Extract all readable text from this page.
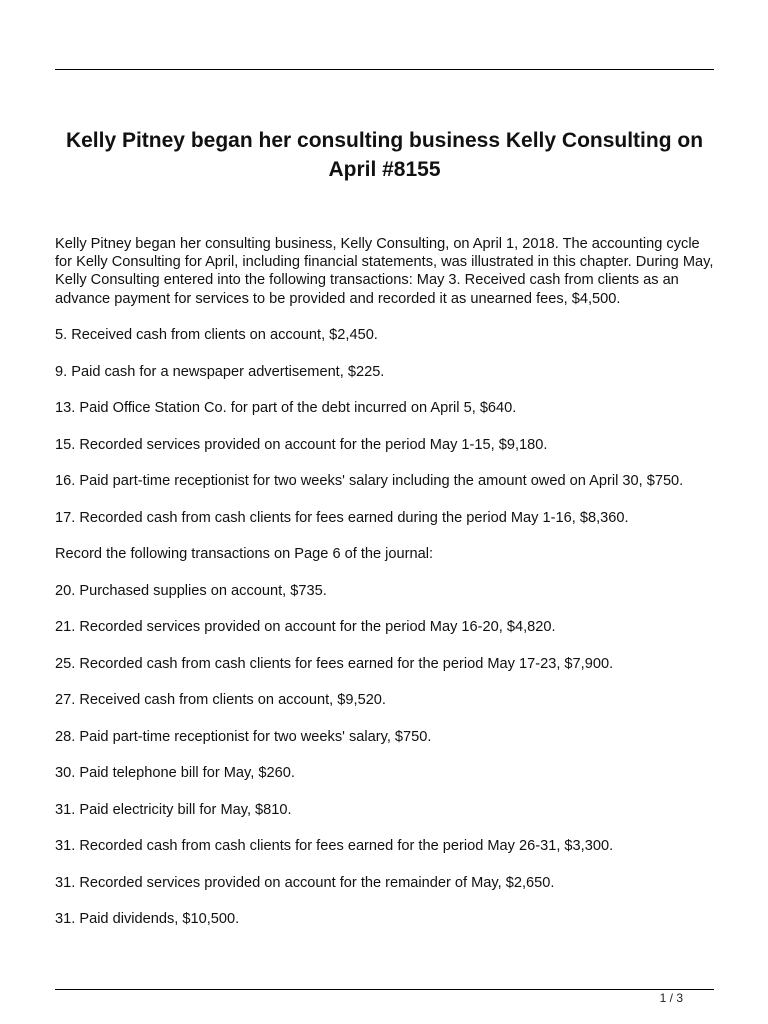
Kelly Pitney began her consulting business Kelly Consulting on April #8155

Kelly Pitney began her consulting business, Kelly Consulting, on April 1, 2018. The accounting cycle for Kelly Consulting for April, including financial statements, was illustrated in this chapter. During May, Kelly Consulting entered into the following transactions: May 3. Received cash from clients as an advance payment for services to be provided and recorded it as unearned fees, $4,500.

5. Received cash from clients on account, $2,450.

9. Paid cash for a newspaper advertisement, $225.

13. Paid Office Station Co. for part of the debt incurred on April 5, $640.

15. Recorded services provided on account for the period May 1-15, $9,180.

16. Paid part-time receptionist for two weeks' salary including the amount owed on April 30, $750.

17. Recorded cash from cash clients for fees earned during the period May 1-16, $8,360.

Record the following transactions on Page 6 of the journal:

20. Purchased supplies on account, $735.

21. Recorded services provided on account for the period May 16-20, $4,820.

25. Recorded cash from cash clients for fees earned for the period May 17-23, $7,900.

27. Received cash from clients on account, $9,520.

28. Paid part-time receptionist for two weeks' salary, $750.

30. Paid telephone bill for May, $260.

31. Paid electricity bill for May, $810.

31. Recorded cash from cash clients for fees earned for the period May 26-31, $3,300.

31. Recorded services provided on account for the remainder of May, $2,650.

31. Paid dividends, $10,500.

1 / 3
